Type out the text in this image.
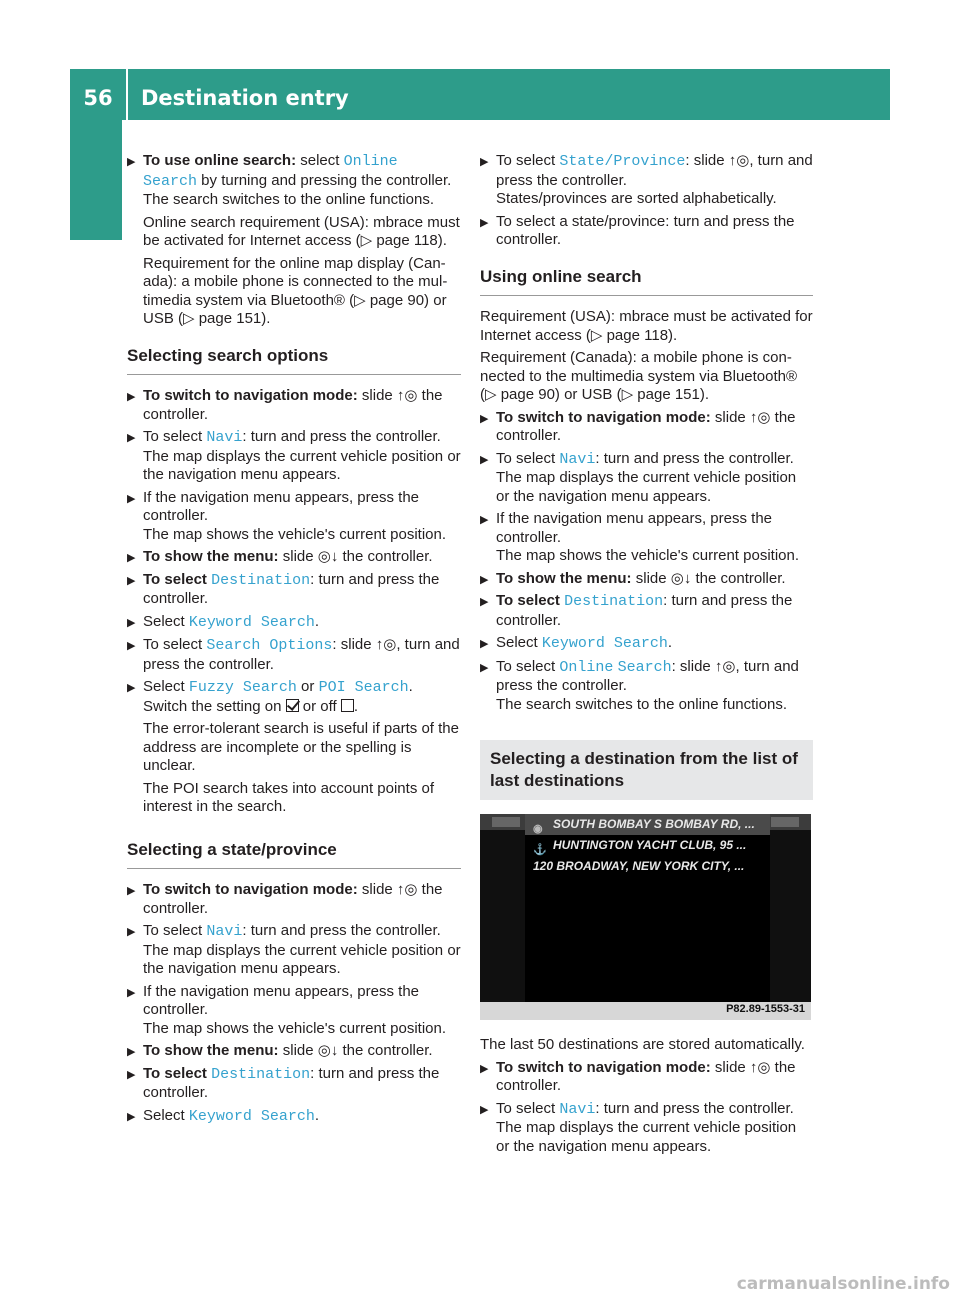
56	Destination entry
Navigation
▶ To use online search: select Online
Search by turning and pressing the controller.
The search switches to the online functions.
Online search requirement (USA): mbrace must be activated for Internet access (▷ page 118).
Requirement for the online map display (Canada): a mobile phone is connected to the multimedia system via Bluetooth® (▷ page 90) or USB (▷ page 151).
Selecting search options
▶ To switch to navigation mode: slide ↑◎ the controller.
▶ To select Navi: turn and press the controller.
The map displays the current vehicle position or the navigation menu appears.
▶ If the navigation menu appears, press the controller.
The map shows the vehicle's current position.
▶ To show the menu: slide ◎↓ the controller.
▶ To select Destination: turn and press the controller.
▶ Select Keyword Search.
▶ To select Search Options: slide ↑◎, turn and press the controller.
▶ Select Fuzzy Search or POI Search.
Switch the setting on  or off .
The error-tolerant search is useful if parts of the address are incomplete or the spelling is unclear.
The POI search takes into account points of interest in the search.
Selecting a state/province
▶ To switch to navigation mode: slide ↑◎ the controller.
▶ To select Navi: turn and press the controller.
The map displays the current vehicle position or the navigation menu appears.
▶ If the navigation menu appears, press the controller.
The map shows the vehicle's current position.
▶ To show the menu: slide ◎↓ the controller.
▶ To select Destination: turn and press the controller.
▶ Select Keyword Search.
▶ To select State/Province: slide ↑◎, turn and press the controller.
States/provinces are sorted alphabetically.
▶ To select a state/province: turn and press the controller.
Using online search
Requirement (USA): mbrace must be activated for Internet access (▷ page 118).
Requirement (Canada): a mobile phone is connected to the multimedia system via Bluetooth® (▷ page 90) or USB (▷ page 151).
▶ To switch to navigation mode: slide ↑◎ the controller.
▶ To select Navi: turn and press the controller.
The map displays the current vehicle position or the navigation menu appears.
▶ If the navigation menu appears, press the controller.
The map shows the vehicle's current position.
▶ To show the menu: slide ◎↓ the controller.
▶ To select Destination: turn and press the controller.
▶ Select Keyword Search.
▶ To select Online Search: slide ↑◎, turn and press the controller.
The search switches to the online functions.
Selecting a destination from the list of last destinations
◉ SOUTH BOMBAY S BOMBAY RD, ...
⚓ HUNTINGTON YACHT CLUB, 95 ...
120 BROADWAY, NEW YORK CITY, ...
P82.89-1553-31
The last 50 destinations are stored automatically.
▶ To switch to navigation mode: slide ↑◎ the controller.
▶ To select Navi: turn and press the controller.
The map displays the current vehicle position or the navigation menu appears.
carmanualsonline.info
